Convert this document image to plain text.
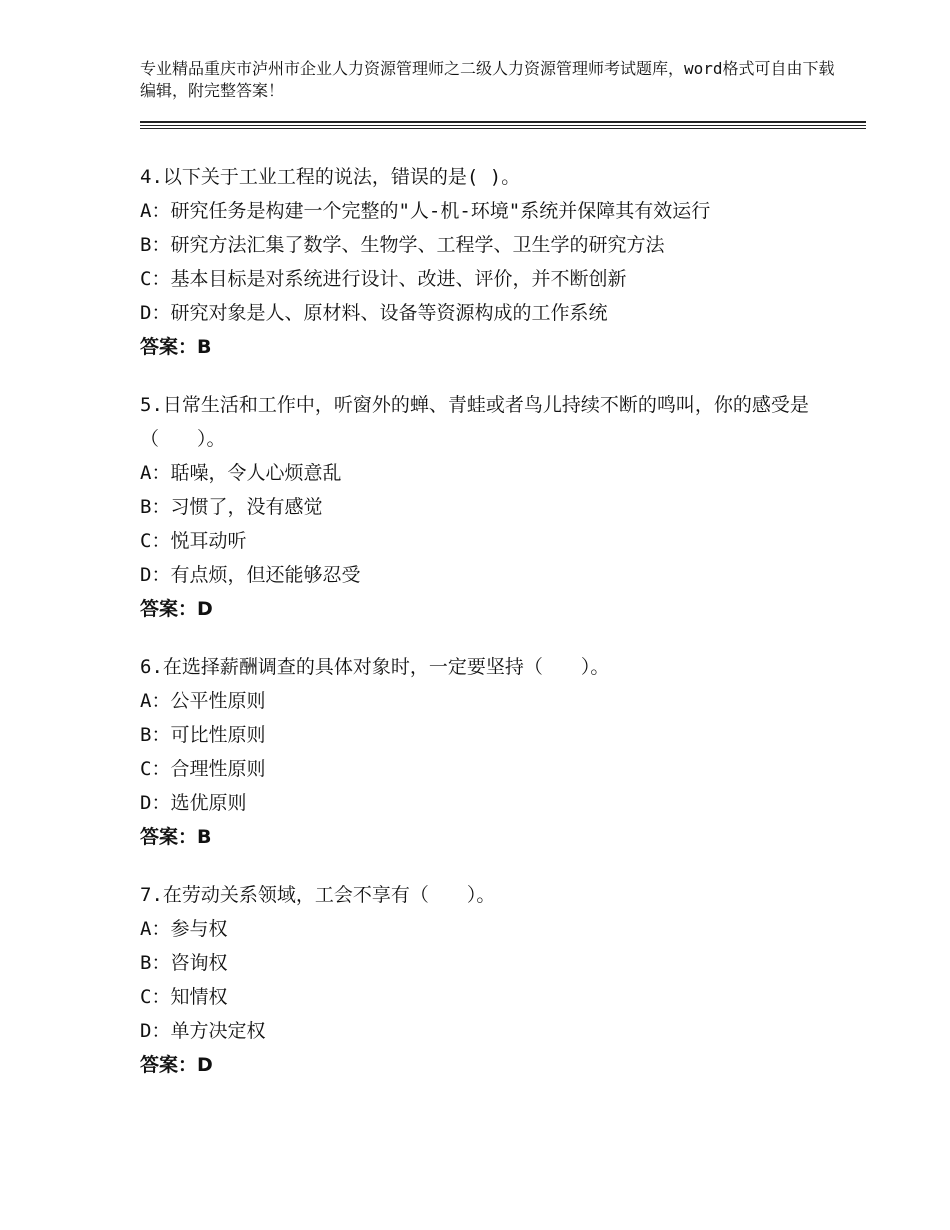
专业精品重庆市泸州市企业人力资源管理师之二级人力资源管理师考试题库，word格式可自由下载编辑，附完整答案！
4.以下关于工业工程的说法，错误的是( )。
A：研究任务是构建一个完整的"人-机-环境"系统并保障其有效运行
B：研究方法汇集了数学、生物学、工程学、卫生学的研究方法
C：基本目标是对系统进行设计、改进、评价，并不断创新
D：研究对象是人、原材料、设备等资源构成的工作系统
答案：B
5.日常生活和工作中，听窗外的蝉、青蛙或者鸟儿持续不断的鸣叫，你的感受是（　　）。
A：聒噪，令人心烦意乱
B：习惯了，没有感觉
C：悦耳动听
D：有点烦，但还能够忍受
答案：D
6.在选择薪酬调查的具体对象时，一定要坚持（　　）。
A：公平性原则
B：可比性原则
C：合理性原则
D：选优原则
答案：B
7.在劳动关系领域，工会不享有（　　）。
A：参与权
B：咨询权
C：知情权
D：单方决定权
答案：D
